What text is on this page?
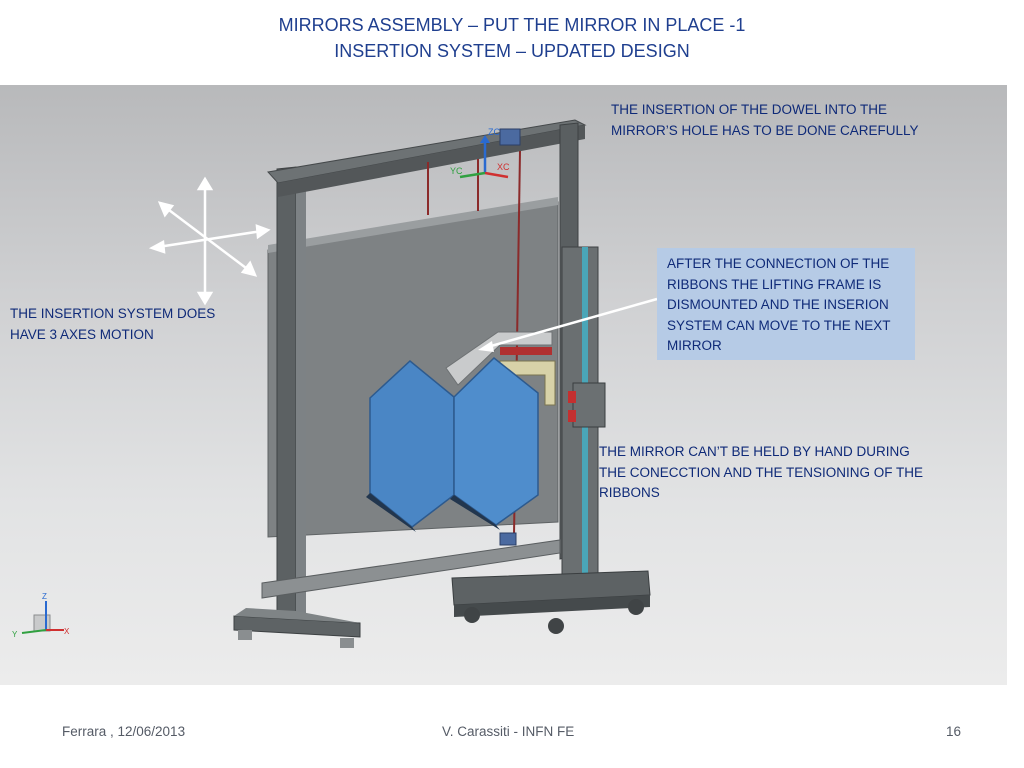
MIRRORS ASSEMBLY – PUT THE MIRROR IN PLACE -1
INSERTION SYSTEM – UPDATED DESIGN
ZC
XC
YC
Z
X
Y
THE INSERTION OF THE DOWEL INTO THE
MIRROR’S HOLE HAS TO BE DONE CAREFULLY
THE INSERTION SYSTEM DOES
HAVE 3 AXES MOTION
AFTER THE CONNECTION OF THE
RIBBONS THE LIFTING FRAME IS
DISMOUNTED AND THE INSERION
SYSTEM CAN MOVE TO THE NEXT
MIRROR
THE MIRROR CAN’T BE HELD BY HAND DURING
THE CONECCTION AND THE TENSIONING OF THE
RIBBONS
Ferrara , 12/06/2013	V. Carassiti - INFN FE	16
